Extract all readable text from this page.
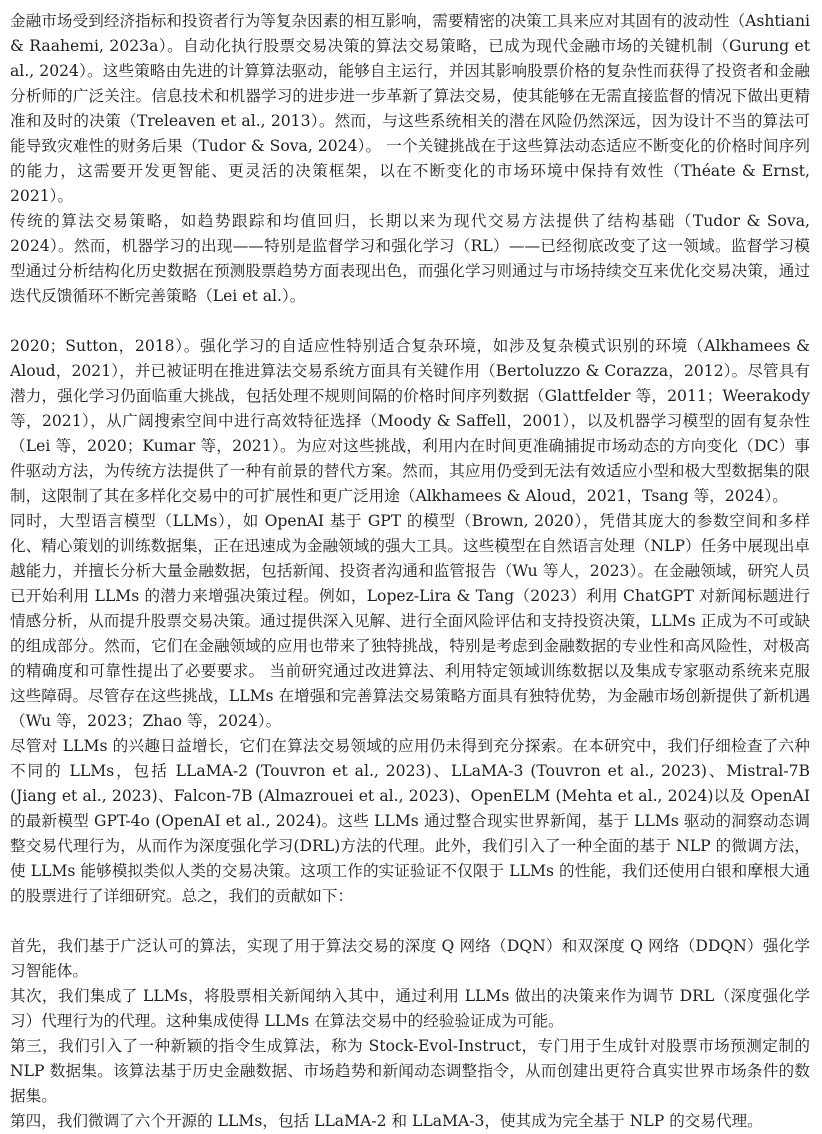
金融市场受到经济指标和投资者行为等复杂因素的相互影响，需要精密的决策工具来应对其固有的波动性（Ashtiani & Raahemi, 2023a）。自动化执行股票交易决策的算法交易策略，已成为现代金融市场的关键机制（Gurung et al., 2024）。这些策略由先进的计算算法驱动，能够自主运行，并因其影响股票价格的复杂性而获得了投资者和金融分析师的广泛关注。信息技术和机器学习的进步进一步革新了算法交易，使其能够在无需直接监督的情况下做出更精准和及时的决策（Treleaven et al., 2013）。然而，与这些系统相关的潜在风险仍然深远，因为设计不当的算法可能导致灾难性的财务后果（Tudor & Sova, 2024）。 一个关键挑战在于这些算法动态适应不断变化的价格时间序列的能力，这需要开发更智能、更灵活的决策框架，以在不断变化的市场环境中保持有效性（Théate & Ernst, 2021）。

传统的算法交易策略，如趋势跟踪和均值回归，长期以来为现代交易方法提供了结构基础（Tudor & Sova, 2024）。然而，机器学习的出现——特别是监督学习和强化学习（RL）——已经彻底改变了这一领域。监督学习模型通过分析结构化历史数据在预测股票趋势方面表现出色，而强化学习则通过与市场持续交互来优化交易决策，通过迭代反馈循环不断完善策略（Lei et al.）。

2020；Sutton，2018）。强化学习的自适应性特别适合复杂环境，如涉及复杂模式识别的环境（Alkhamees & Aloud，2021），并已被证明在推进算法交易系统方面具有关键作用（Bertoluzzo & Corazza，2012）。尽管具有潜力，强化学习仍面临重大挑战，包括处理不规则间隔的价格时间序列数据（Glattfelder 等，2011；Weerakody 等，2021），从广阔搜索空间中进行高效特征选择（Moody & Saffell，2001），以及机器学习模型的固有复杂性（Lei 等，2020；Kumar 等，2021）。为应对这些挑战，利用内在时间更准确捕捉市场动态的方向变化（DC）事件驱动方法，为传统方法提供了一种有前景的替代方案。然而，其应用仍受到无法有效适应小型和极大型数据集的限制，这限制了其在多样化交易中的可扩展性和更广泛用途（Alkhamees & Aloud，2021，Tsang 等，2024）。

同时，大型语言模型（LLMs），如 OpenAI 基于 GPT 的模型（Brown, 2020），凭借其庞大的参数空间和多样化、精心策划的训练数据集，正在迅速成为金融领域的强大工具。这些模型在自然语言处理（NLP）任务中展现出卓越能力，并擅长分析大量金融数据，包括新闻、投资者沟通和监管报告（Wu 等人，2023）。在金融领域，研究人员已开始利用 LLMs 的潜力来增强决策过程。例如，Lopez-Lira & Tang（2023）利用 ChatGPT 对新闻标题进行情感分析，从而提升股票交易决策。通过提供深入见解、进行全面风险评估和支持投资决策，LLMs 正成为不可或缺的组成部分。然而，它们在金融领域的应用也带来了独特挑战，特别是考虑到金融数据的专业性和高风险性，对极高的精确度和可靠性提出了必要要求。 当前研究通过改进算法、利用特定领域训练数据以及集成专家驱动系统来克服这些障碍。尽管存在这些挑战，LLMs 在增强和完善算法交易策略方面具有独特优势，为金融市场创新提供了新机遇（Wu 等，2023；Zhao 等，2024）。

尽管对 LLMs 的兴趣日益增长，它们在算法交易领域的应用仍未得到充分探索。在本研究中，我们仔细检查了六种不同的 LLMs，包括 LLaMA-2 (Touvron et al., 2023)、LLaMA-3 (Touvron et al., 2023)、Mistral-7B (Jiang et al., 2023)、Falcon-7B (Almazrouei et al., 2023)、OpenELM (Mehta et al., 2024)以及 OpenAI 的最新模型 GPT-4o (OpenAI et al., 2024)。这些 LLMs 通过整合现实世界新闻，基于 LLMs 驱动的洞察动态调整交易代理行为，从而作为深度强化学习(DRL)方法的代理。此外，我们引入了一种全面的基于 NLP 的微调方法，使 LLMs 能够模拟类似人类的交易决策。这项工作的实证验证不仅限于 LLMs 的性能，我们还使用白银和摩根大通的股票进行了详细研究。总之，我们的贡献如下：

首先，我们基于广泛认可的算法，实现了用于算法交易的深度 Q 网络（DQN）和双深度 Q 网络（DDQN）强化学习智能体。

其次，我们集成了 LLMs，将股票相关新闻纳入其中，通过利用 LLMs 做出的决策来作为调节 DRL（深度强化学习）代理行为的代理。这种集成使得 LLMs 在算法交易中的经验验证成为可能。

第三，我们引入了一种新颖的指令生成算法，称为 Stock-Evol-Instruct，专门用于生成针对股票市场预测定制的 NLP 数据集。该算法基于历史金融数据、市场趋势和新闻动态调整指令，从而创建出更符合真实世界市场条件的数据集。

第四，我们微调了六个开源的 LLMs，包括 LLaMA-2 和 LLaMA-3，使其成为完全基于 NLP 的交易代理。
